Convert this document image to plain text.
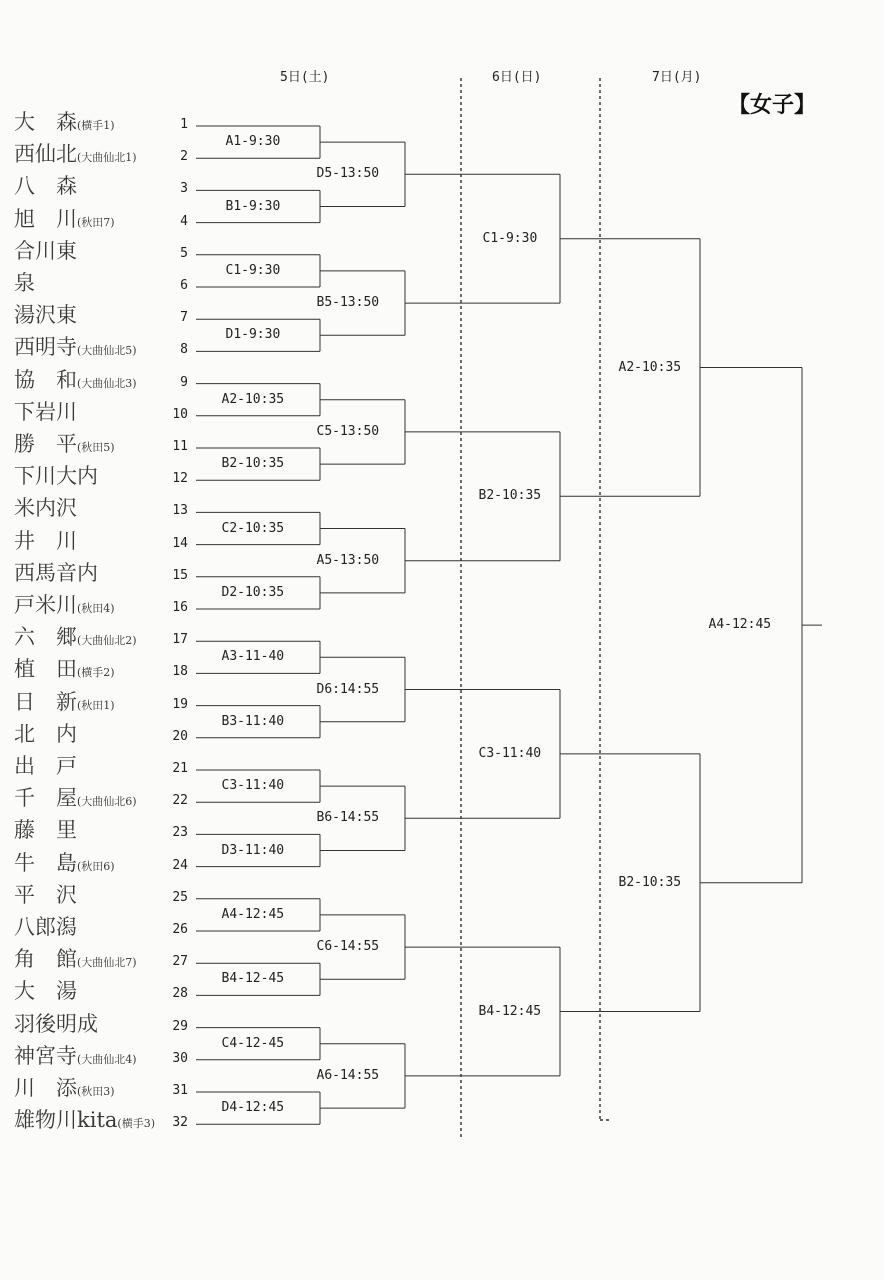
5日(土)	6日(日)	7日(月)
【女子】
大　森(横手1)	1
西仙北(大曲仙北1)	2
八　森	3
旭　川(秋田7)	4
合川東	5
泉	6
湯沢東	7
西明寺(大曲仙北5)	8
協　和(大曲仙北3)	9
下岩川	10
勝　平(秋田5)	11
下川大内	12
米内沢	13
井　川	14
西馬音内	15
戸米川(秋田4)	16
六　郷(大曲仙北2)	17
植　田(横手2)	18
日　新(秋田1)	19
北　内	20
出　戸	21
千　屋(大曲仙北6)	22
藤　里	23
牛　島(秋田6)	24
平　沢	25
八郎潟	26
角　館(大曲仙北7)	27
大　湯	28
羽後明成	29
神宮寺(大曲仙北4)	30
川　添(秋田3)	31
雄物川kita(横手3)	32
A1-9:30
B1-9:30
C1-9:30
D1-9:30
A2-10:35
B2-10:35
C2-10:35
D2-10:35
A3-11-40
B3-11:40
C3-11:40
D3-11:40
A4-12:45
B4-12-45
C4-12-45
D4-12:45
D5-13:50
B5-13:50
C5-13:50
A5-13:50
D6:14:55
B6-14:55
C6-14:55
A6-14:55
C1-9:30
B2-10:35
C3-11:40
B4-12:45
A2-10:35
B2-10:35
A4-12:45
